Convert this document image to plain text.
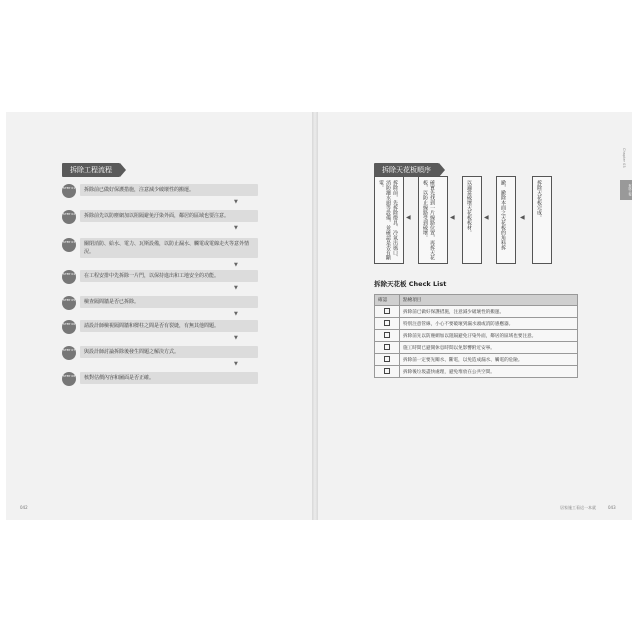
拆除工程流程
STEP 01	拆除前已做好保護措施，注意減少破壞性的搬運。
▼
STEP 02	拆除前先以防塵網加以阻隔避免汙染外面，鄰居的區域也要注意。
▼
STEP 03	關閉消防、給水、電力、瓦斯設備，以防止漏水、觸電或電線走火等意外情況。
▼
STEP 04	在工程安排中先拆除一片門，以保持進出和工地安全的功能。
▼
STEP 05	檢查隔間牆是否已拆除。
▼
STEP 06	請設計師檢視隔間牆和樑柱之間是否有裂縫，有無其他問題。
▼
STEP 07	與設計師討論拆除後發生問題之解決方式。
▼
STEP 08	核對估價內容和圖面是否正確。
042
拆除天花板順序
拆除天花板完成。
◀
撤，撤除本面之天花板的角料拆
◀
以適當破壞天花板板材。
◀
確實先找到一片線路位置，再拆天花板，以防止線路受到破壞。
◀
拆除前，先拆除燈具、冷氣出風口、消防灑水頭等設備，並確認是否有斷電。
拆除天花板 Check List
確認	點檢項目
	拆除前已做好保護措施，注意減少破壞性的搬運。
	特別注意管線，小心不要破壞到漏水頭或消防感應器。
	拆除前先以防塵網加以阻隔避免汙染外面，鄰居的區域也要注意。
	施工時間已避開休息時間以免影響附近安寧。
	拆除前一定要先關水、斷電，以免造成漏水、觸電的危險。
	拆除後垃圾盡快處理，避免堆放在公共空間。
Chapter 03
拆除工程
居家施工看這一本就	043
